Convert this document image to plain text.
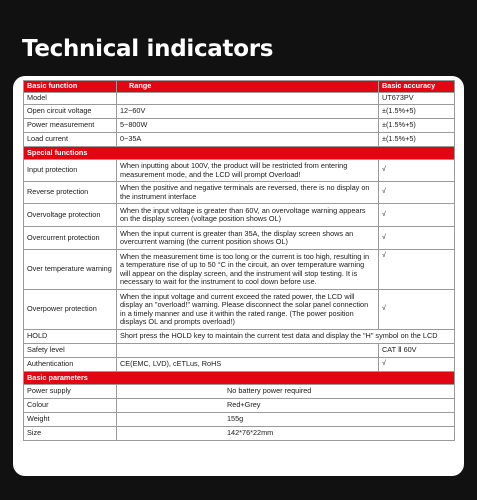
Technical indicators
Basic function	Range	Basic accuracy
Model		UT673PV
Open circuit voltage	12~60V	±(1.5%+5)
Power measurement	5~800W	±(1.5%+5)
Load current	0~35A	±(1.5%+5)
Special functions		
Input protection	When inputting about 100V, the product will be restricted from entering measurement mode, and the LCD will prompt Overload!	√
Reverse protection	When the positive and negative terminals are reversed, there is no display on the instrument interface	√
Overvoltage protection	When the input voltage is greater than 60V, an overvoltage warning appears on the display screen (voltage position shows OL)	√
Overcurrent protection	When the input current is greater than 35A, the display screen shows an overcurrent warning (the current position shows OL)	√
Over temperature warning	When the measurement time is too long or the current is too high, resulting in a temperature rise of up to 50 °C in the circuit, an over temperature warning will appear on the display screen, and the instrument will stop testing. It is necessary to wait for the instrument to cool down before use.	√
Overpower protection	When the input voltage and current exceed the rated power, the LCD will display an "overload!" warning. Please disconnect the solar panel connection in a timely manner and use it within the rated range. (The power position displays OL and prompts overload!)	√
HOLD	Short press the HOLD key to maintain the current test data and display the "H" symbol on the LCD	
Safety level		CAT Ⅱ 60V
Authentication	CE(EMC, LVD), cETLus, RoHS	√
Basic parameters		
Power supply	No battery power required	
Colour	Red+Grey	
Weight	155g	
Size	142*76*22mm	
